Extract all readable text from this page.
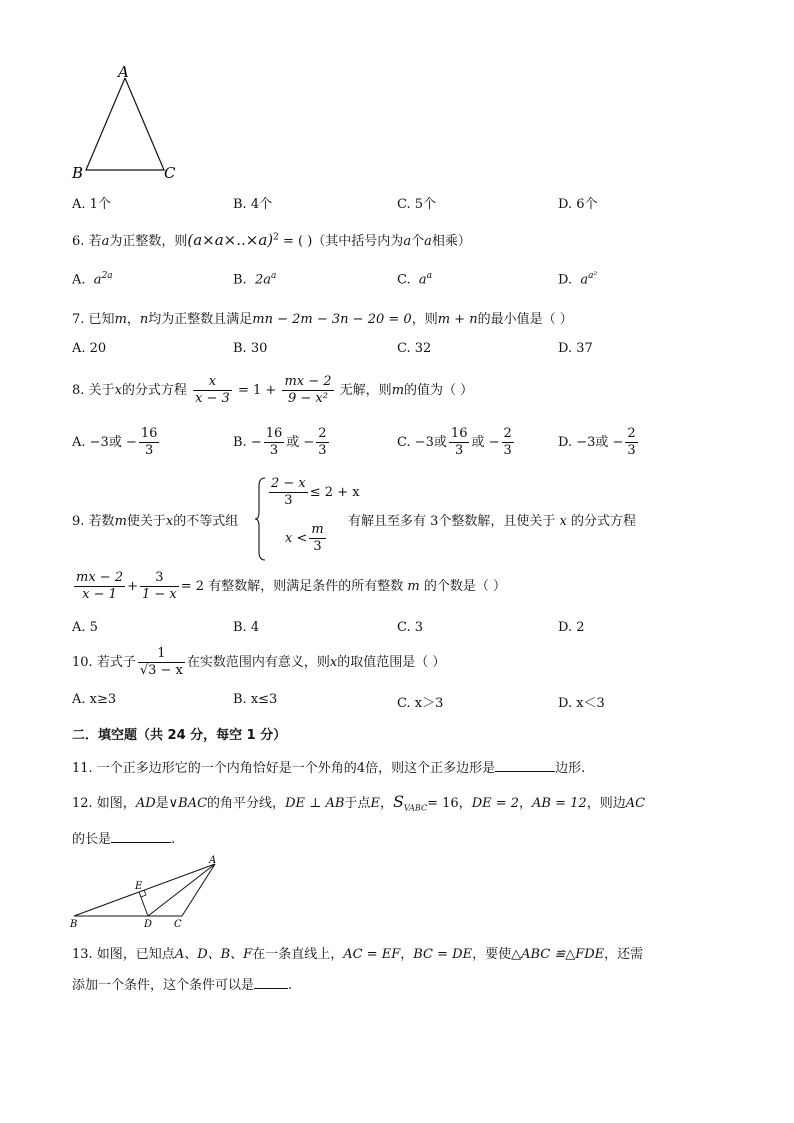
A
B	C
A. 1个	B. 4个	C. 5个	D. 6个
6. 若a为正整数，则$(a\times a\times..\times a)^2$ = ( )（其中括号内为a个a相乘）
A. $a^{2a}$	B. $2a^a$	C. $a^a$	D. $a^{a^2}$
7. 已知m，n均为正整数且满足mn − 2m − 3n − 20 = 0，则m + n的最小值是（ ）
A. 20	B. 30	C. 32	D. 37
8. 关于x的分式方程 $\frac{x}{x - 3} = 1 + \frac{mx - 2}{\text{9 − x²}}$ 无解，则m的值为（ ）
A. −3或 − $\frac{16}{3}$	B. − $\frac{16}{3}$ 或 − $\frac{2}{3}$	C. −3或 $\frac{16}{3}$ 或 − $\frac{2}{3}$	D. −3或 − $\frac{2}{3}$
9. 若数m使关于x的不等式组
$\frac{2 - x}{3} \le 2 + x$
$x < \frac{m}{3}$
有解且至多有 3个整数解，且使关于 x 的分式方程
$\frac{mx - 2}{x - 1} + \frac{3}{1 - x} = 2$ 有整数解，则满足条件的所有整数 m 的个数是（ ）
A. 5	B. 4	C. 3	D. 2
10. 若式子 $\frac{1}{√3 - x}$ 在实数范围内有意义，则x的取值范围是（ ）
A. x≥3	B. x≤3	C. x＞3	D. x＜3
二．填空题（共 24 分，每空 1 分）
11. 一个正多边形它的一个内角恰好是一个外角的4倍，则这个正多边形是	边形.
12. 如图，AD是∨BAC的角平分线，DE ⊥ AB于点E，$S_{VABC}= 16$，DE = 2，AB = 12，则边AC
的长是	.
A
B	C
D
E
13. 如图，已知点A、D、B、F在一条直线上，AC = EF，BC = DE，要使△ABC ≌△FDE，还需
添加一个条件，这个条件可以是	.
